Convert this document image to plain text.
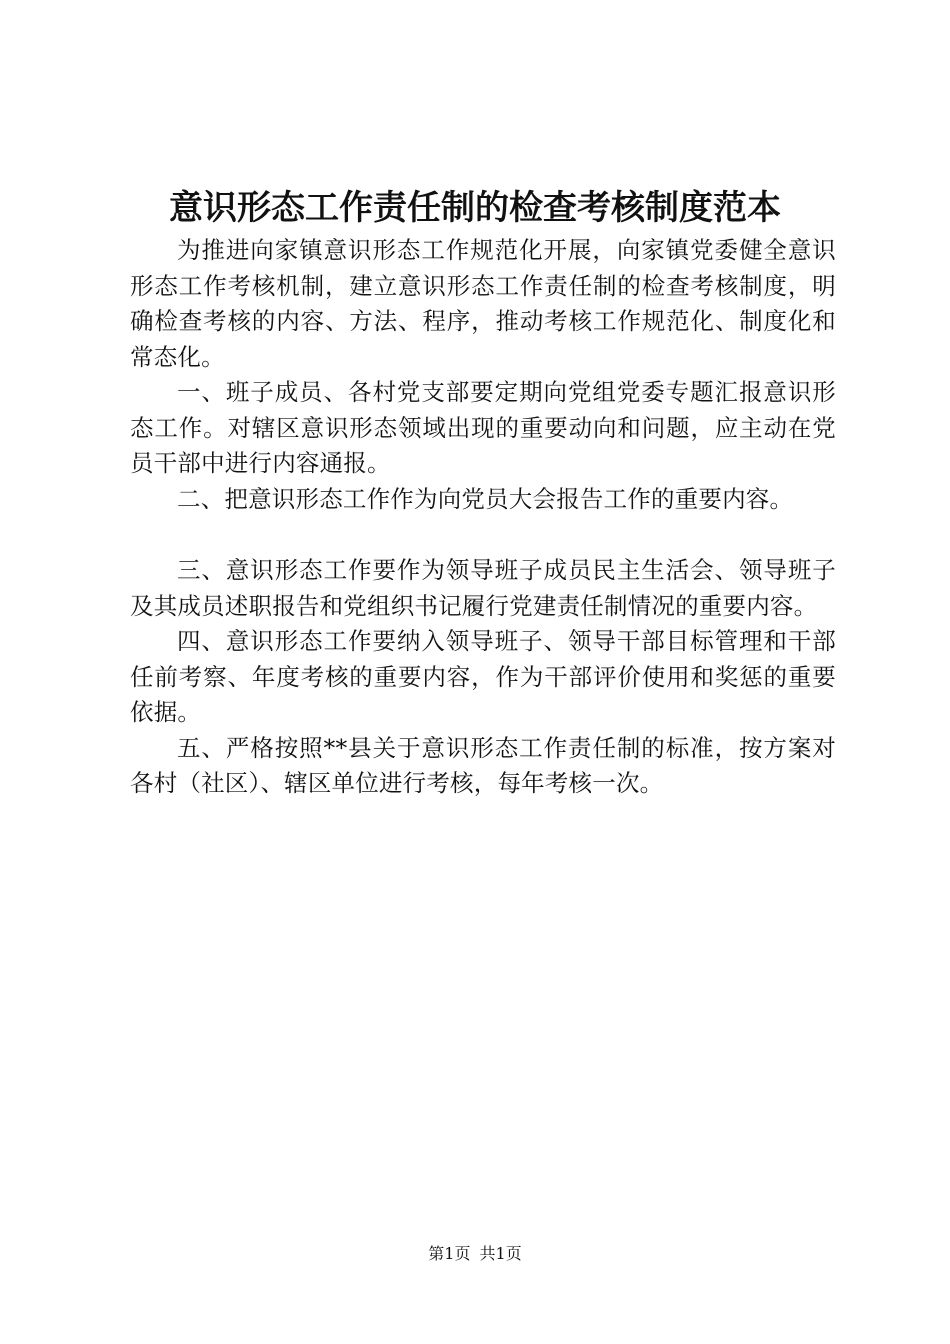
意识形态工作责任制的检查考核制度范本

为推进向家镇意识形态工作规范化开展，向家镇党委健全意识形态工作考核机制，建立意识形态工作责任制的检查考核制度，明确检查考核的内容、方法、程序，推动考核工作规范化、制度化和常态化。

一、班子成员、各村党支部要定期向党组党委专题汇报意识形态工作。对辖区意识形态领域出现的重要动向和问题，应主动在党员干部中进行内容通报。

二、把意识形态工作作为向党员大会报告工作的重要内容。

三、意识形态工作要作为领导班子成员民主生活会、领导班子及其成员述职报告和党组织书记履行党建责任制情况的重要内容。

四、意识形态工作要纳入领导班子、领导干部目标管理和干部任前考察、年度考核的重要内容，作为干部评价使用和奖惩的重要依据。

五、严格按照**县关于意识形态工作责任制的标准，按方案对各村（社区）、辖区单位进行考核，每年考核一次。

第1页 共1页
